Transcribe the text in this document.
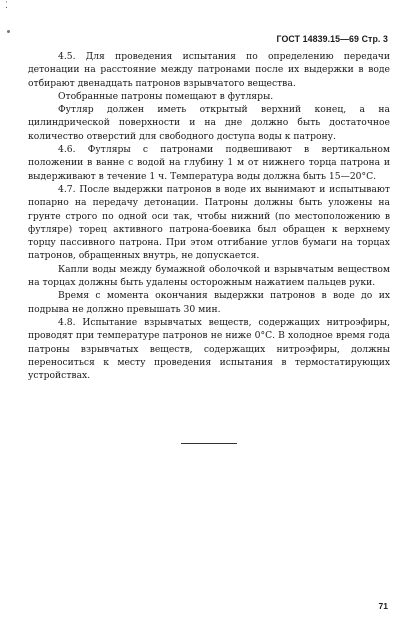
⁚
ГОСТ 14839.15—69 Стр. 3

4.5. Для проведения испытания по определению передачи детонации на расстояние между патронами после их выдержки в воде отбирают двенадцать патронов взрывчатого вещества.

Отобранные патроны помещают в футляры.

Футляр должен иметь открытый верхний конец, а на цилиндрической поверхности и на дне должно быть достаточное количество отверстий для свободного доступа воды к патрону.

4.6. Футляры с патронами подвешивают в вертикальном положении в ванне с водой на глубину 1 м от нижнего торца патрона и выдерживают в течение 1 ч. Температура воды должна быть 15—20°С.

4.7. После выдержки патронов в воде их вынимают и испытывают попарно на передачу детонации. Патроны должны быть уложены на грунте строго по одной оси так, чтобы нижний (по местоположению в футляре) торец активного патрона-боевика был обращен к верхнему торцу пассивного патрона. При этом отгибание углов бумаги на торцах патронов, обращенных внутрь, не допускается.

Капли воды между бумажной оболочкой и взрывчатым веществом на торцах должны быть удалены осторожным нажатием пальцев руки.

Время с момента окончания выдержки патронов в воде до их подрыва не должно превышать 30 мин.

4.8. Испытание взрывчатых веществ, содержащих нитроэфиры, проводят при температуре патронов не ниже 0°С. В холодное время года патроны взрывчатых веществ, содержащих нитроэфиры, должны переноситься к месту проведения испытания в термостатирующих устройствах.

71
